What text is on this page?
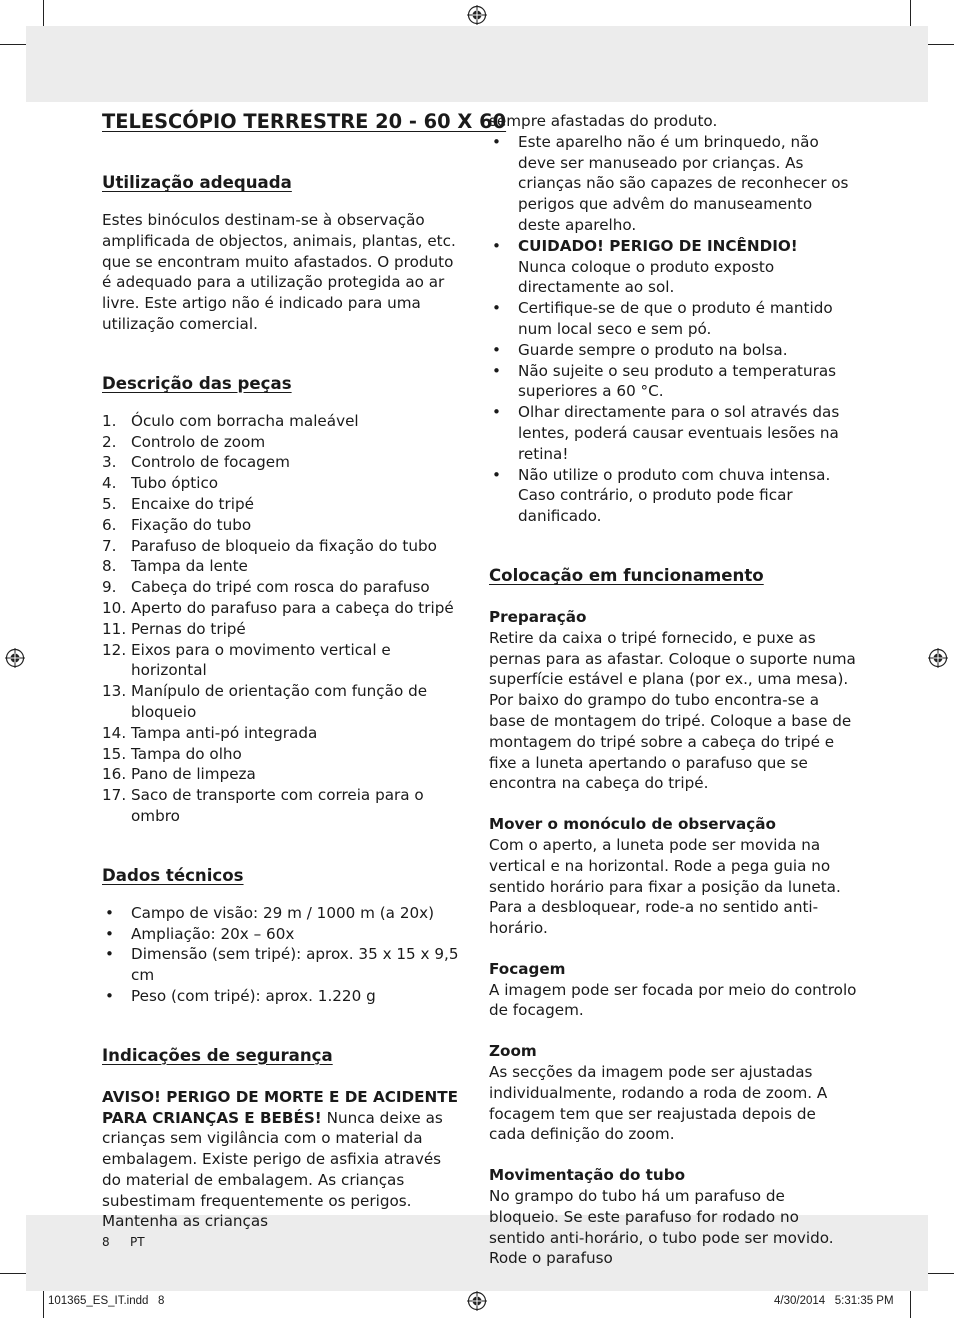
TELESCÓPIO TERRESTRE 20 - 60 X 60
Utilização adequada

Estes binóculos destinam-se à observação amplificada de objectos, animais, plantas, etc. que se encontram muito afastados. O produto é adequado para a utilização protegida ao ar livre. Este artigo não é indicado para uma utilização comercial.

Descrição das peças
1. Óculo com borracha maleável
2. Controlo de zoom
3. Controlo de focagem
4. Tubo óptico
5. Encaixe do tripé
6. Fixação do tubo
7. Parafuso de bloqueio da fixação do tubo
8. Tampa da lente
9. Cabeça do tripé com rosca do parafuso
10. Aperto do parafuso para a cabeça do tripé
11. Pernas do tripé
12. Eixos para o movimento vertical e horizontal
13. Manípulo de orientação com função de bloqueio
14. Tampa anti-pó integrada
15. Tampa do olho
16. Pano de limpeza
17. Saco de transporte com correia para o ombro
Dados técnicos
• Campo de visão: 29 m / 1000 m (a 20x)
• Ampliação: 20x – 60x
• Dimensão (sem tripé): aprox. 35 x 15 x 9,5 cm
• Peso (com tripé): aprox. 1.220 g
Indicações de segurança

AVISO! PERIGO DE MORTE E DE ACIDENTE PARA CRIANÇAS E BEBÉS! Nunca deixe as crianças sem vigilância com o material da embalagem. Existe perigo de asfixia através do material de embalagem. As crianças subestimam frequentemente os perigos. Mantenha as crianças

sempre afastadas do produto.

• Este aparelho não é um brinquedo, não deve ser manuseado por crianças. As crianças não são capazes de reconhecer os perigos que advêm do manuseamento deste aparelho.
• CUIDADO! PERIGO DE INCÊNDIO!
Nunca coloque o produto exposto directamente ao sol.
• Certifique-se de que o produto é mantido num local seco e sem pó.
• Guarde sempre o produto na bolsa.
• Não sujeite o seu produto a temperaturas superiores a 60 °C.
• Olhar directamente para o sol através das lentes, poderá causar eventuais lesões na retina!
• Não utilize o produto com chuva intensa. Caso contrário, o produto pode ficar danificado.
Colocação em funcionamento
Preparação

Retire da caixa o tripé fornecido, e puxe as pernas para as afastar. Coloque o suporte numa superfície estável e plana (por ex., uma mesa). Por baixo do grampo do tubo encontra-se a base de montagem do tripé. Coloque a base de montagem do tripé sobre a cabeça do tripé e fixe a luneta apertando o parafuso que se encontra na cabeça do tripé.

Mover o monóculo de observação

Com o aperto, a luneta pode ser movida na vertical e na horizontal. Rode a pega guia no sentido horário para fixar a posição da luneta. Para a desbloquear, rode-a no sentido anti-horário.

Focagem

A imagem pode ser focada por meio do controlo de focagem.

Zoom

As secções da imagem pode ser ajustadas individualmente, rodando a roda de zoom. A focagem tem que ser reajustada depois de cada definição do zoom.

Movimentação do tubo

No grampo do tubo há um parafuso de bloqueio. Se este parafuso for rodado no sentido anti-horário, o tubo pode ser movido. Rode o parafuso

8 PT
101365_ES_IT.indd   8	4/30/2014   5:31:35 PM
